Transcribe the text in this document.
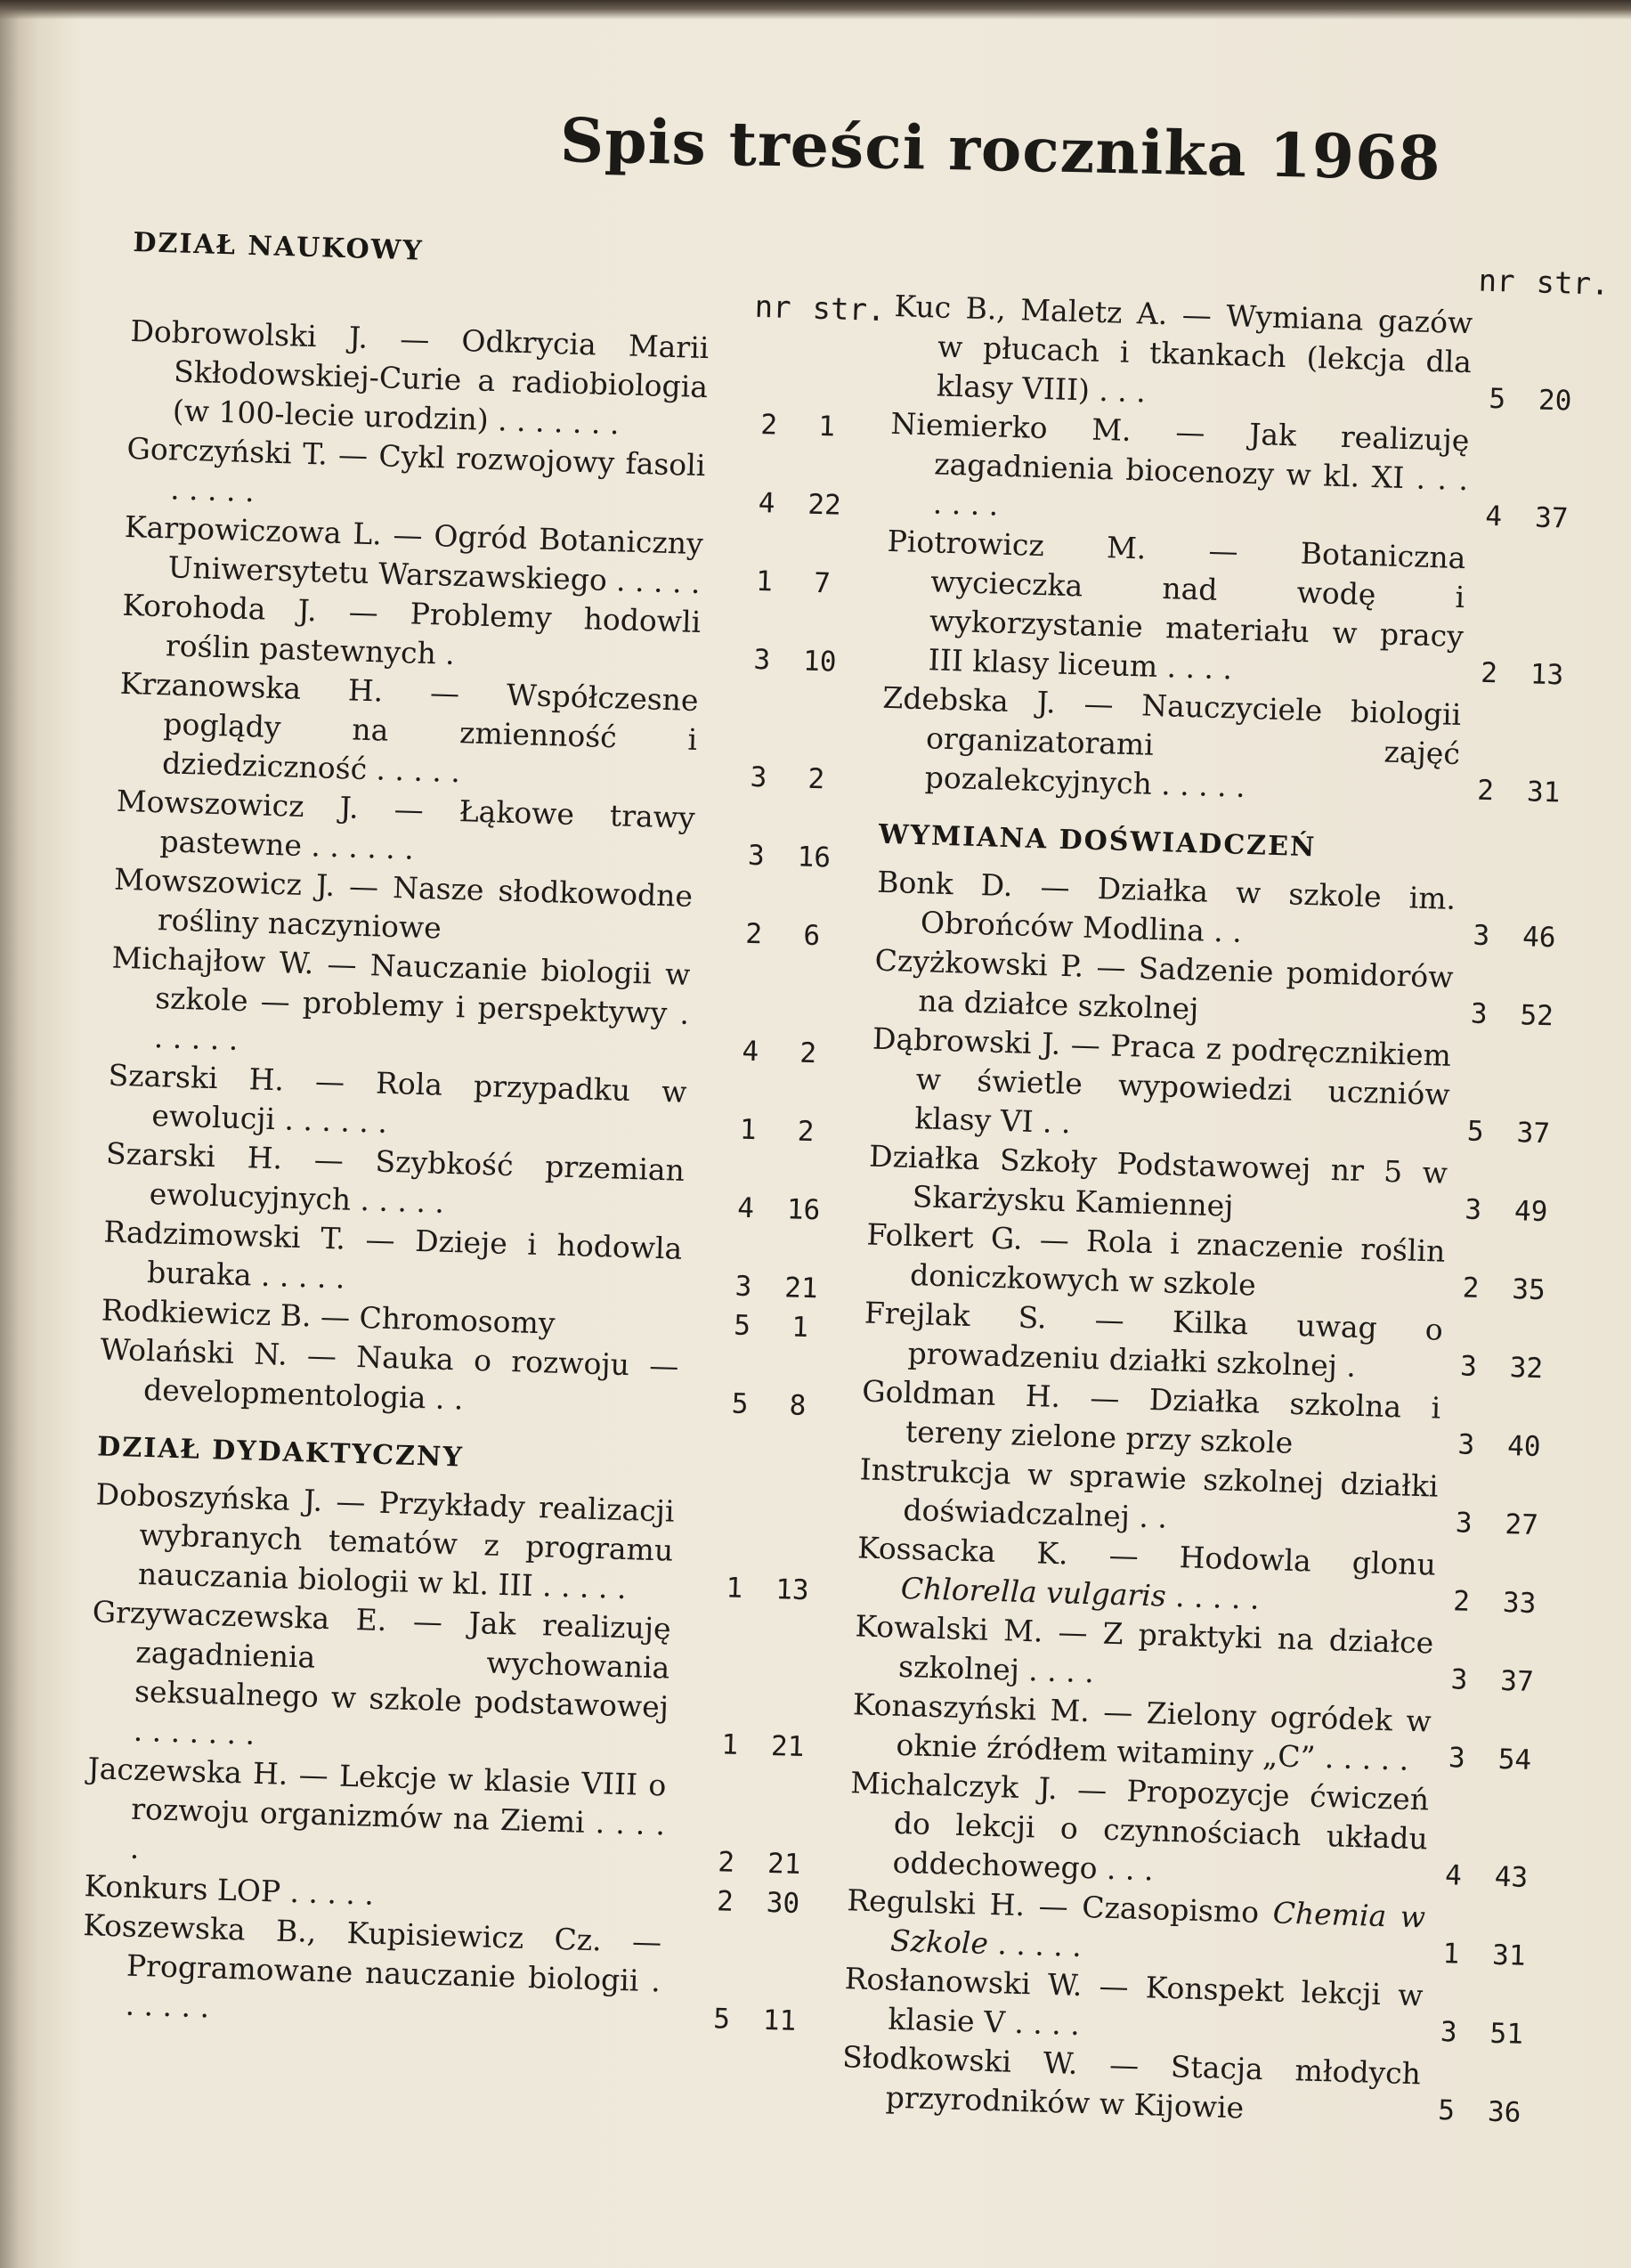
Spis treści rocznika 1968
DZIAŁ NAUKOWY
nr str.
Dobrowolski J. — Odkrycia Marii Skłodowskiej-Curie a radiobiologia (w 100-lecie urodzin) . . . . . . .	2	1
Gorczyński T. — Cykl rozwojowy fasoli . . . . .	4	22
Karpowiczowa L. — Ogród Botaniczny Uniwersytetu Warszawskiego . . . . .	1	7
Korohoda J. — Problemy hodowli roślin pastewnych .	3	10
Krzanowska H. — Współczesne poglądy na zmienność i dziedziczność . . . . .	3	2
Mowszowicz J. — Łąkowe trawy pastewne . . . . . .	3	16
Mowszowicz J. — Nasze słodkowodne rośliny naczyniowe	2	6
Michajłow W. — Nauczanie biologii w szkole — problemy i perspektywy . . . . . .	4	2
Szarski H. — Rola przypadku w ewolucji . . . . . .	1	2
Szarski H. — Szybkość przemian ewolucyjnych . . . . .	4	16
Radzimowski T. — Dzieje i hodowla buraka . . . . .	3	21
Rodkiewicz B. — Chromosomy	5	1
Wolański N. — Nauka o rozwoju — developmentologia . .	5	8
DZIAŁ DYDAKTYCZNY
Doboszyńska J. — Przykłady realizacji wybranych tematów z programu nauczania biologii w kl. III . . . . .	1	13
Grzywaczewska E. — Jak realizuję zagadnienia wychowania seksualnego w szkole podstawowej . . . . . . .	1	21
Jaczewska H. — Lekcje w klasie VIII o rozwoju organizmów na Ziemi . . . . .	2	21
Konkurs LOP . . . . .	2	30
Koszewska B., Kupisiewicz Cz. — Programowane nauczanie biologii . . . . . .	5	11
nr str.
Kuc B., Maletz A. — Wymiana gazów w płucach i tkankach (lekcja dla klasy VIII) . . .	5	20
Niemierko M. — Jak realizuję zagadnienia biocenozy w kl. XI . . . . . . .	4	37
Piotrowicz M. — Botaniczna wycieczka nad wodę i wykorzystanie materiału w pracy III klasy liceum . . . .	2	13
Zdebska J. — Nauczyciele biologii organizatorami zajęć pozalekcyjnych . . . . .	2	31
WYMIANA DOŚWIADCZEŃ
Bonk D. — Działka w szkole im. Obrońców Modlina . .	3	46
Czyżkowski P. — Sadzenie pomidorów na działce szkolnej	3	52
Dąbrowski J. — Praca z podręcznikiem w świetle wypowiedzi uczniów klasy VI . .	5	37
Działka Szkoły Podstawowej nr 5 w Skarżysku Kamiennej	3	49
Folkert G. — Rola i znaczenie roślin doniczkowych w szkole	2	35
Frejlak S. — Kilka uwag o prowadzeniu działki szkolnej .	3	32
Goldman H. — Działka szkolna i tereny zielone przy szkole	3	40
Instrukcja w sprawie szkolnej działki doświadczalnej . .	3	27
Kossacka K. — Hodowla glonu Chlorella vulgaris . . . . .	2	33
Kowalski M. — Z praktyki na działce szkolnej . . . .	3	37
Konaszyński M. — Zielony ogródek w oknie źródłem witaminy „C” . . . . .	3	54
Michalczyk J. — Propozycje ćwiczeń do lekcji o czynnościach układu oddechowego . . .	4	43
Regulski H. — Czasopismo Chemia w Szkole . . . . .	1	31
Rosłanowski W. — Konspekt lekcji w klasie V . . . .	3	51
Słodkowski W. — Stacja młodych przyrodników w Kijowie	5	36
